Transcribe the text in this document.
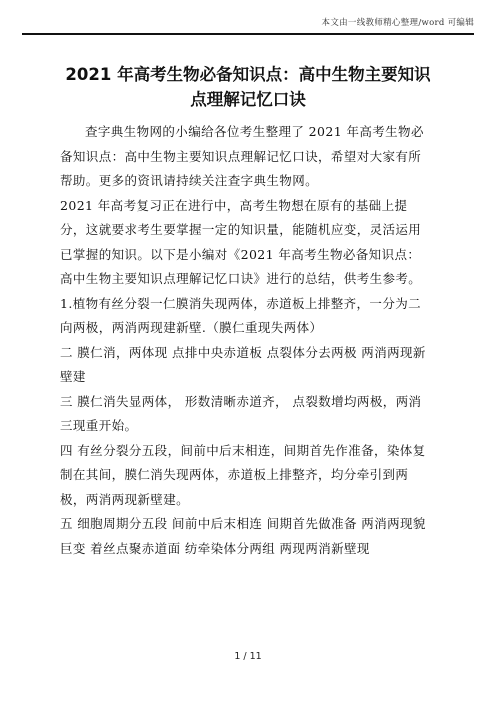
本文由一线教师精心整理/word 可编辑
2021 年高考生物必备知识点：高中生物主要知识点理解记忆口诀

查字典生物网的小编给各位考生整理了 2021 年高考生物必备知识点：高中生物主要知识点理解记忆口诀，希望对大家有所帮助。更多的资讯请持续关注查字典生物网。

2021 年高考复习正在进行中，高考生物想在原有的基础上提分，这就要求考生要掌握一定的知识量，能随机应变，灵活运用已掌握的知识。以下是小编对《2021 年高考生物必备知识点：高中生物主要知识点理解记忆口诀》进行的总结，供考生参考。

1.植物有丝分裂一仁膜消失现两体，赤道板上排整齐，一分为二向两极，两消两现建新壁.（膜仁重现失两体）

二 膜仁消，两体现 点排中央赤道板 点裂体分去两极 两消两现新壁建

三 膜仁消失显两体， 形数清晰赤道齐， 点裂数增均两极，两消三现重开始。

四 有丝分裂分五段，间前中后末相连，间期首先作准备，染体复制在其间，膜仁消失现两体，赤道板上排整齐，均分牵引到两极，两消两现新壁建。

五 细胞周期分五段 间前中后末相连 间期首先做准备 两消两现貌巨变 着丝点聚赤道面 纺牵染体分两组 两现两消新壁现

1 / 11
